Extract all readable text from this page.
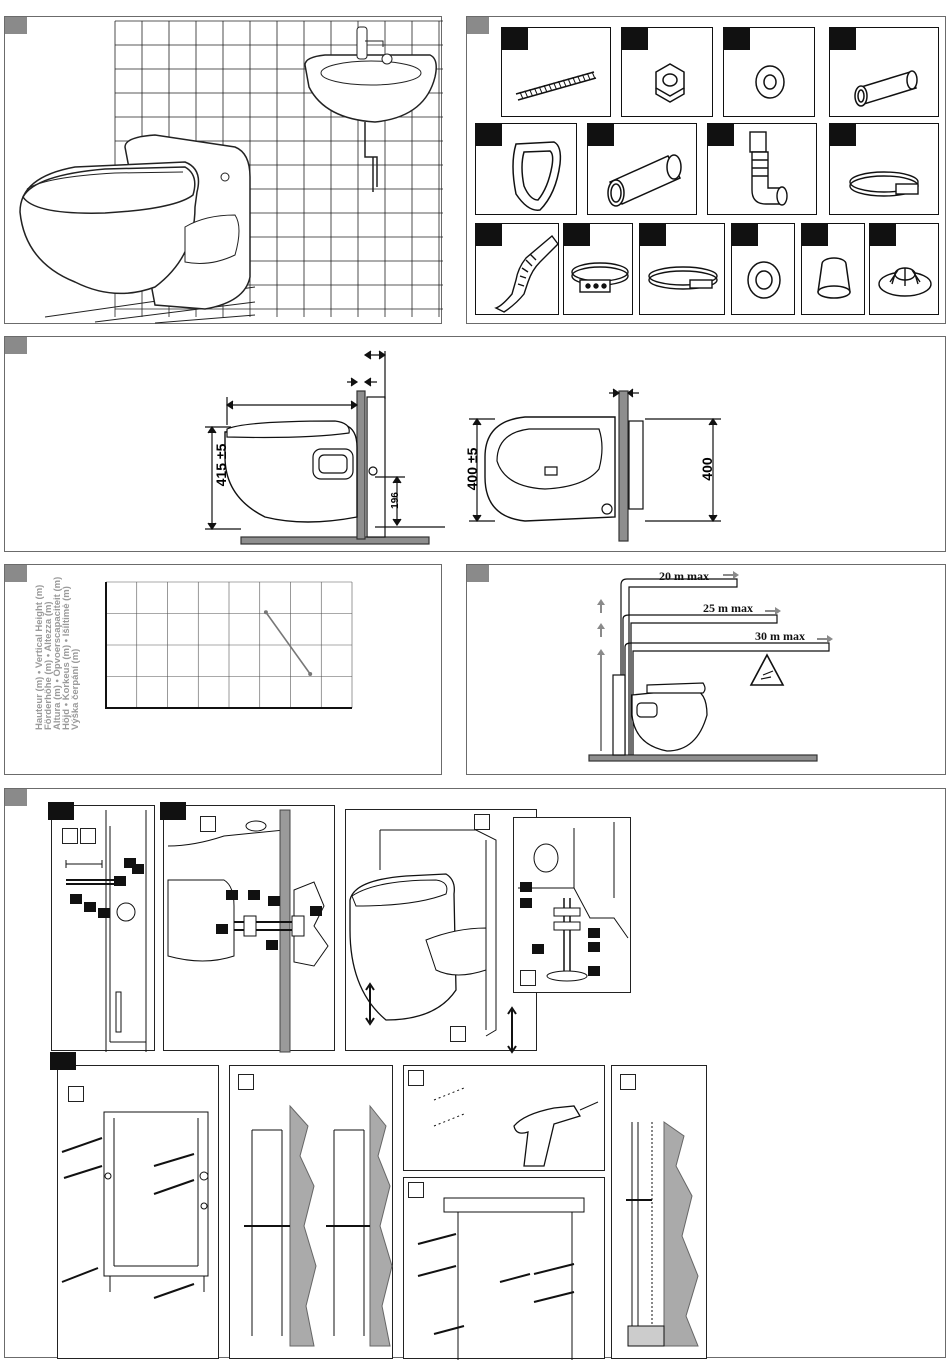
415 ±5
196
400 ±5	400
Hauteur (m) • Vertical Height (m)
Förderhöhe (m) • Altezza (m)
Altura (m) • Opvoerscapaciteit (m)
Höjd • Korkeus (m) • Išiltimė (m)
Výška čerpání (m)
20 m max
25 m max
30 m max
